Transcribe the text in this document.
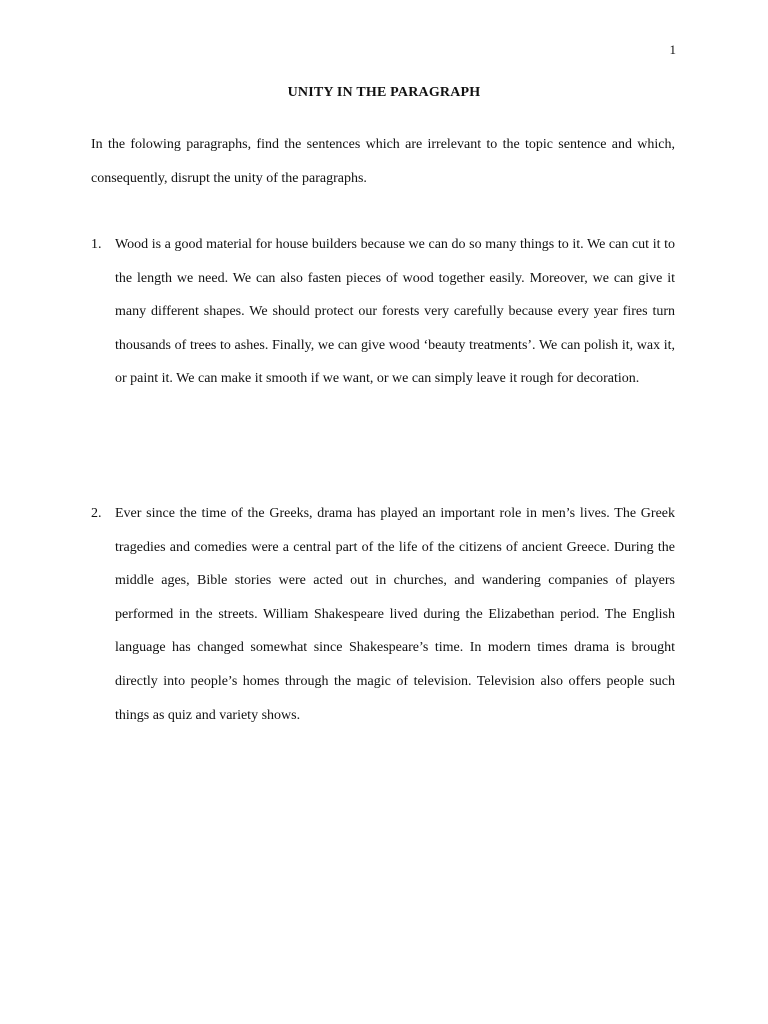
1
UNITY IN THE PARAGRAPH

In the folowing paragraphs, find the sentences which are irrelevant to the topic sentence and which, consequently, disrupt the unity of the paragraphs.

1. Wood is a good material for house builders because we can do so many things to it. We can cut it to the length we need. We can also fasten pieces of wood together easily. Moreover, we can give it many different shapes. We should protect our forests very carefully because every year fires turn thousands of trees to ashes. Finally, we can give wood ‘beauty treatments’. We can polish it, wax it, or paint it. We can make it smooth if we want, or we can simply leave it rough for decoration.

2. Ever since the time of the Greeks, drama has played an important role in men’s lives. The Greek tragedies and comedies were a central part of the life of the citizens of ancient Greece. During the middle ages, Bible stories were acted out in churches, and wandering companies of players performed in the streets. William Shakespeare lived during the Elizabethan period. The English language has changed somewhat since Shakespeare’s time. In modern times drama is brought directly into people’s homes through the magic of television. Television also offers people such things as quiz and variety shows.
